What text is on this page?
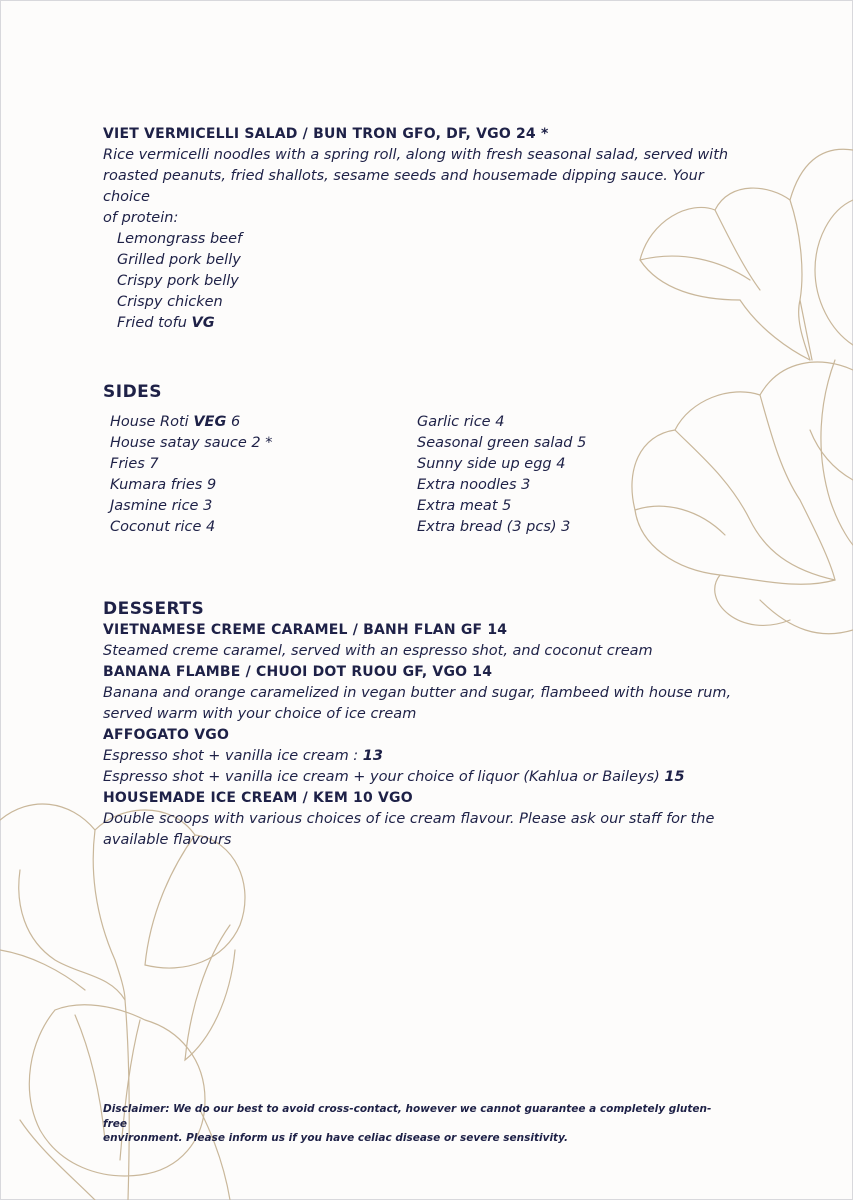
VIET VERMICELLI SALAD / BUN TRON GFO, DF, VGO 24 *

Rice vermicelli noodles with a spring roll, along with fresh seasonal salad, served with

roasted peanuts, fried shallots, sesame seeds and housemade dipping sauce. Your choice

of protein:

Lemongrass beef
Grilled pork belly
Crispy pork belly
Crispy chicken
Fried tofu VG
SIDES
House Roti VEG 6
House satay sauce 2 *
Fries 7
Kumara fries 9
Jasmine rice 3
Coconut rice 4
Garlic rice 4
Seasonal green salad 5
Sunny side up egg 4
Extra noodles 3
Extra meat 5
Extra bread (3 pcs) 3
DESSERTS
VIETNAMESE CREME CARAMEL / BANH FLAN GF 14

Steamed creme caramel, served with an espresso shot, and coconut cream

BANANA FLAMBE / CHUOI DOT RUOU GF, VGO 14

Banana and orange caramelized in vegan butter and sugar, flambeed with house rum,

served warm with your choice of ice cream

AFFOGATO VGO

Espresso shot + vanilla ice cream : 13

Espresso shot + vanilla ice cream + your choice of liquor (Kahlua or Baileys) 15

HOUSEMADE ICE CREAM / KEM 10 VGO

Double scoops with various choices of ice cream flavour. Please ask our staff for the

available flavours

Disclaimer: We do our best to avoid cross-contact, however we cannot guarantee a completely gluten-free
environment. Please inform us if you have celiac disease or severe sensitivity.
